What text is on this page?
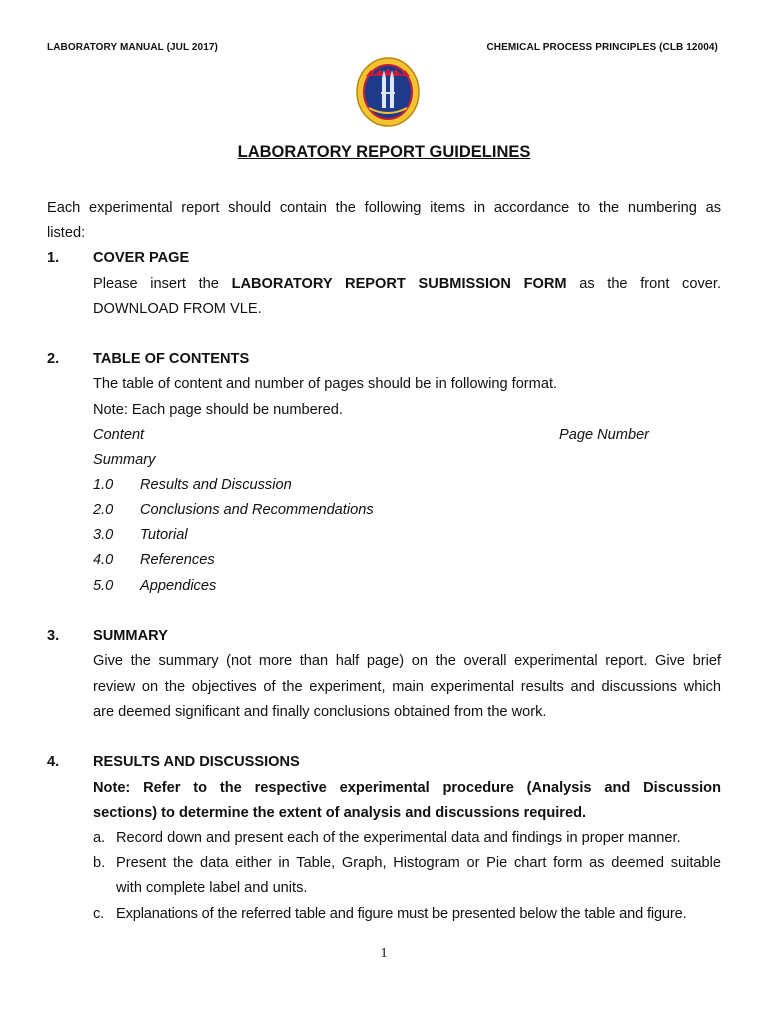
LABORATORY MANUAL (JUL 2017)	CHEMICAL PROCESS PRINCIPLES (CLB 12004)
LABORATORY REPORT GUIDELINES
Each experimental report should contain the following items in accordance to the numbering as
listed:
1. COVER PAGE
Please insert the LABORATORY REPORT SUBMISSION FORM as the front cover.
DOWNLOAD FROM VLE.
2. TABLE OF CONTENTS
The table of content and number of pages should be in following format.
Note: Each page should be numbered.
Content	Page Number
Summary
1.0 Results and Discussion
2.0 Conclusions and Recommendations
3.0 Tutorial
4.0 References
5.0 Appendices
3. SUMMARY
Give the summary (not more than half page) on the overall experimental report. Give brief
review on the objectives of the experiment, main experimental results and discussions which
are deemed significant and finally conclusions obtained from the work.
4. RESULTS AND DISCUSSIONS
Note: Refer to the respective experimental procedure (Analysis and Discussion
sections) to determine the extent of analysis and discussions required.
a. Record down and present each of the experimental data and findings in proper manner.
b. Present the data either in Table, Graph, Histogram or Pie chart form as deemed suitable
with complete label and units.
c. Explanations of the referred table and figure must be presented below the table and figure.
1
